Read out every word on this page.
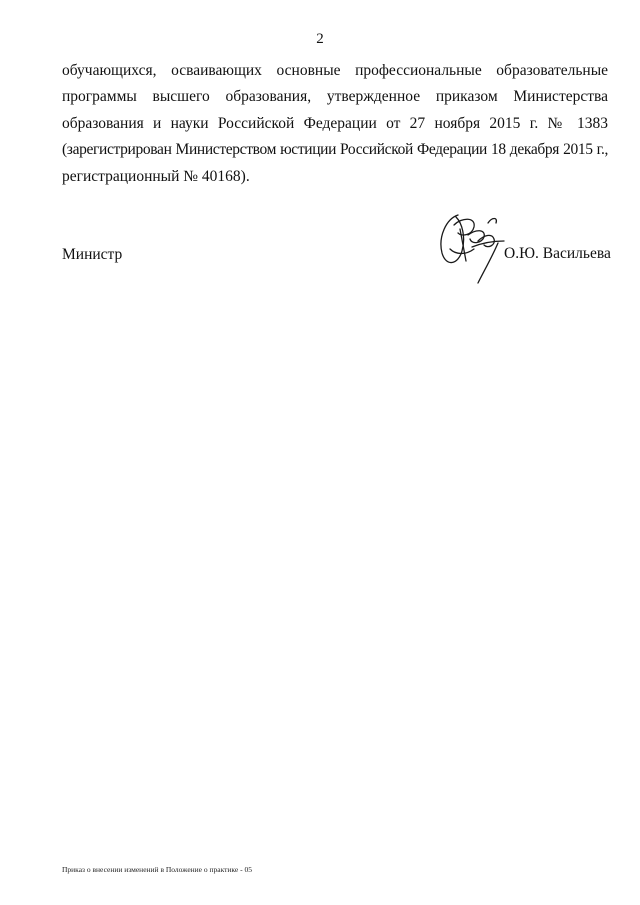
2
обучающихся, осваивающих основные профессиональные образовательные
программы высшего образования, утвержденное приказом Министерства
образования и науки Российской Федерации от 27 ноября 2015 г. № 1383
(зарегистрирован Министерством юстиции Российской Федерации 18 декабря 2015 г.,
регистрационный № 40168).
Министр	О.Ю. Васильева
Приказ о внесении изменений в Положение о практике - 05
